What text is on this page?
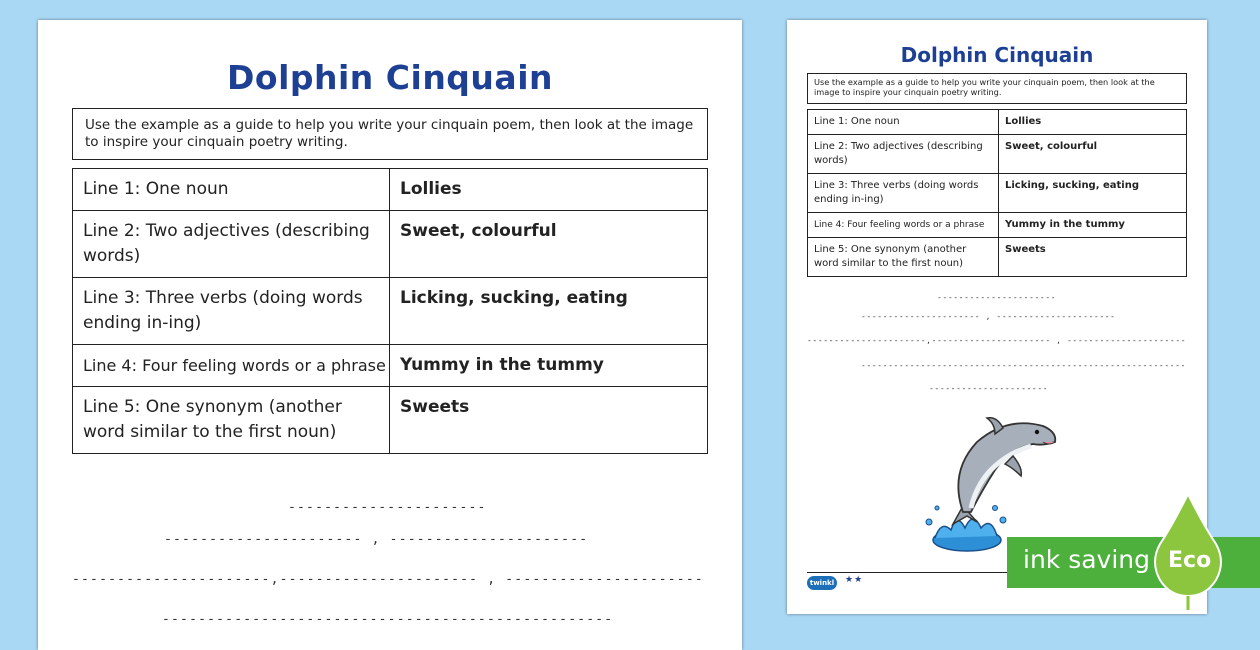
Dolphin Cinquain
Use the example as a guide to help you write your cinquain poem, then look at the image to inspire your cinquain poetry writing.
Line 1: One noun	Lollies
Line 2: Two adjectives (describing words)	Sweet, colourful
Line 3: Three verbs (doing words ending in-ing)	Licking, sucking, eating
Line 4: Four feeling words or a phrase	Yummy in the tummy
Line 5: One synonym (another word similar to the first noun)	Sweets
----------------------
---------------------- , ----------------------
----------------------,---------------------- , ----------------------
--------------------------------------------------
Dolphin Cinquain
Use the example as a guide to help you write your cinquain poem, then look at the image to inspire your cinquain poetry writing.
Line 1: One noun	Lollies
Line 2: Two adjectives (describing words)	Sweet, colourful
Line 3: Three verbs (doing words ending in-ing)	Licking, sucking, eating
Line 4: Four feeling words or a phrase	Yummy in the tummy
Line 5: One synonym (another word similar to the first noun)	Sweets
----------------------
---------------------- , ----------------------
----------------------,---------------------- , ----------------------
------------------------------------------------------------
----------------------
twinkl	★★
ink saving Eco
